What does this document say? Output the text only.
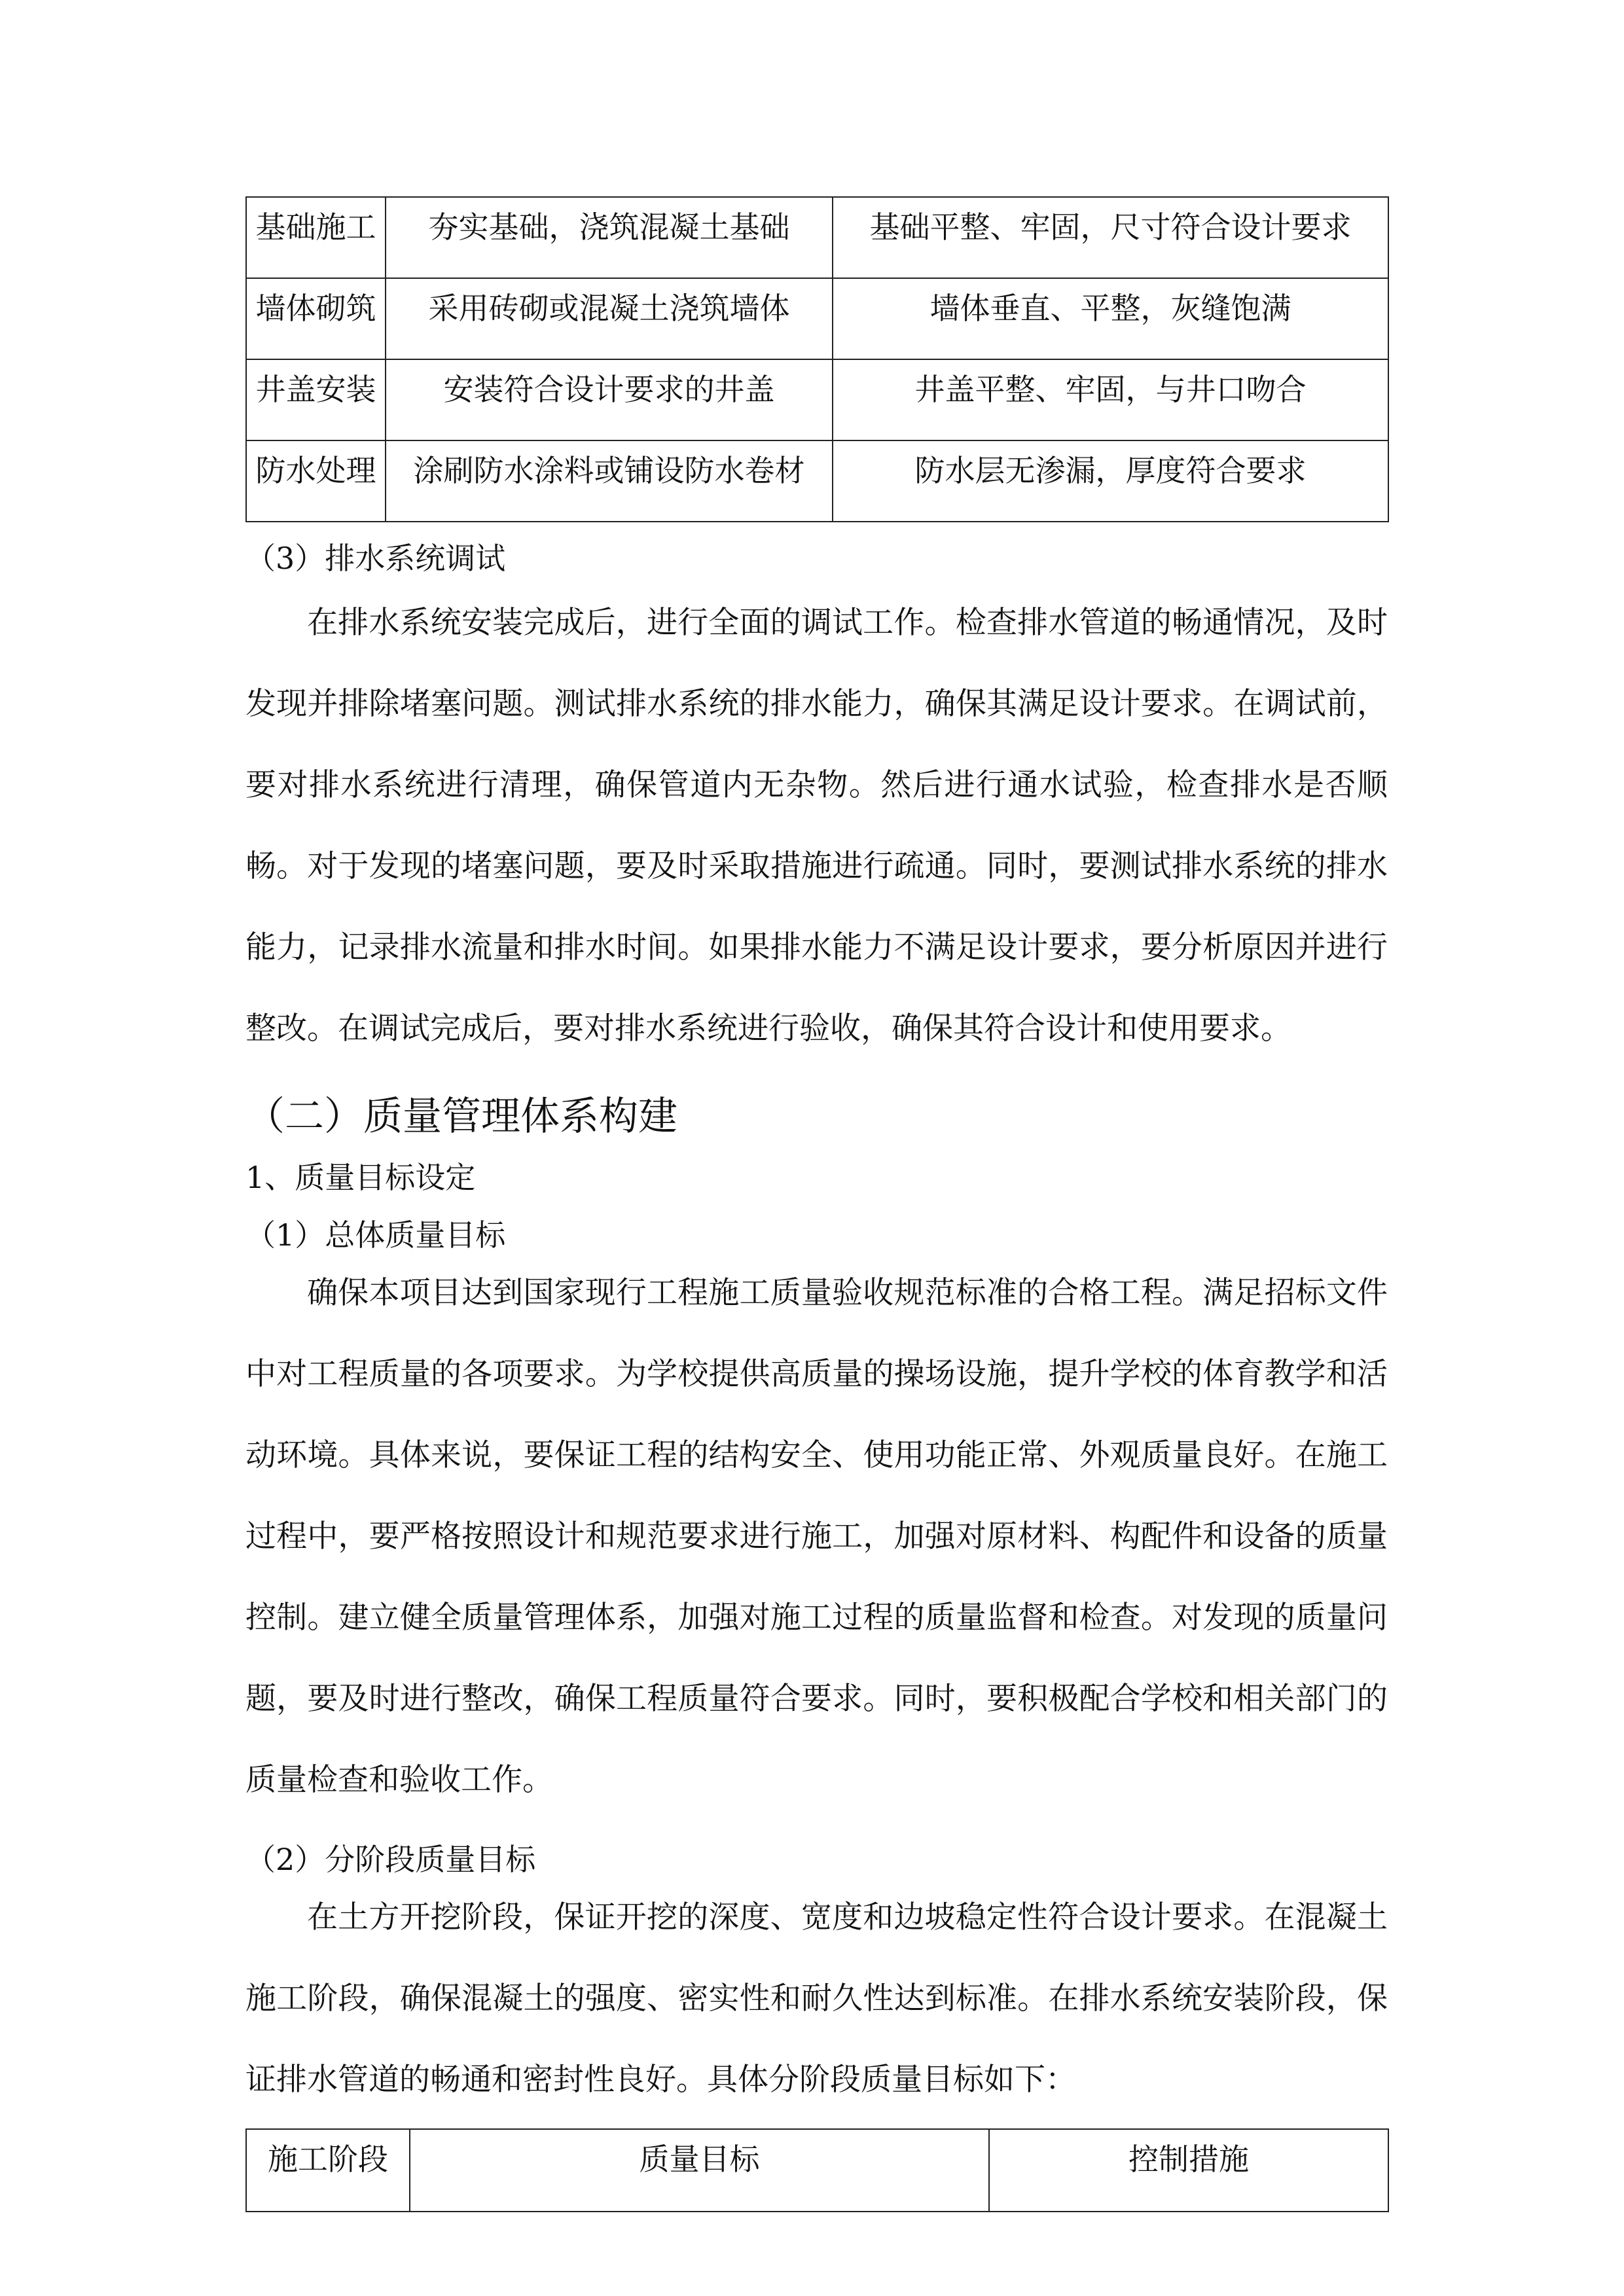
基础施工	夯实基础，浇筑混凝土基础	基础平整、牢固，尺寸符合设计要求
墙体砌筑	采用砖砌或混凝土浇筑墙体	墙体垂直、平整，灰缝饱满
井盖安装	安装符合设计要求的井盖	井盖平整、牢固，与井口吻合
防水处理	涂刷防水涂料或铺设防水卷材	防水层无渗漏，厚度符合要求

（3）排水系统调试

在排水系统安装完成后，进行全面的调试工作。检查排水管道的畅通情况，及时发现并排除堵塞问题。测试排水系统的排水能力，确保其满足设计要求。在调试前，要对排水系统进行清理，确保管道内无杂物。然后进行通水试验，检查排水是否顺畅。对于发现的堵塞问题，要及时采取措施进行疏通。同时，要测试排水系统的排水能力，记录排水流量和排水时间。如果排水能力不满足设计要求，要分析原因并进行整改。在调试完成后，要对排水系统进行验收，确保其符合设计和使用要求。

（二）质量管理体系构建

1、质量目标设定

（1）总体质量目标

确保本项目达到国家现行工程施工质量验收规范标准的合格工程。满足招标文件中对工程质量的各项要求。为学校提供高质量的操场设施，提升学校的体育教学和活动环境。具体来说，要保证工程的结构安全、使用功能正常、外观质量良好。在施工过程中，要严格按照设计和规范要求进行施工，加强对原材料、构配件和设备的质量控制。建立健全质量管理体系，加强对施工过程的质量监督和检查。对发现的质量问题，要及时进行整改，确保工程质量符合要求。同时，要积极配合学校和相关部门的质量检查和验收工作。

（2）分阶段质量目标

在土方开挖阶段，保证开挖的深度、宽度和边坡稳定性符合设计要求。在混凝土施工阶段，确保混凝土的强度、密实性和耐久性达到标准。在排水系统安装阶段，保证排水管道的畅通和密封性良好。具体分阶段质量目标如下：

施工阶段	质量目标	控制措施
